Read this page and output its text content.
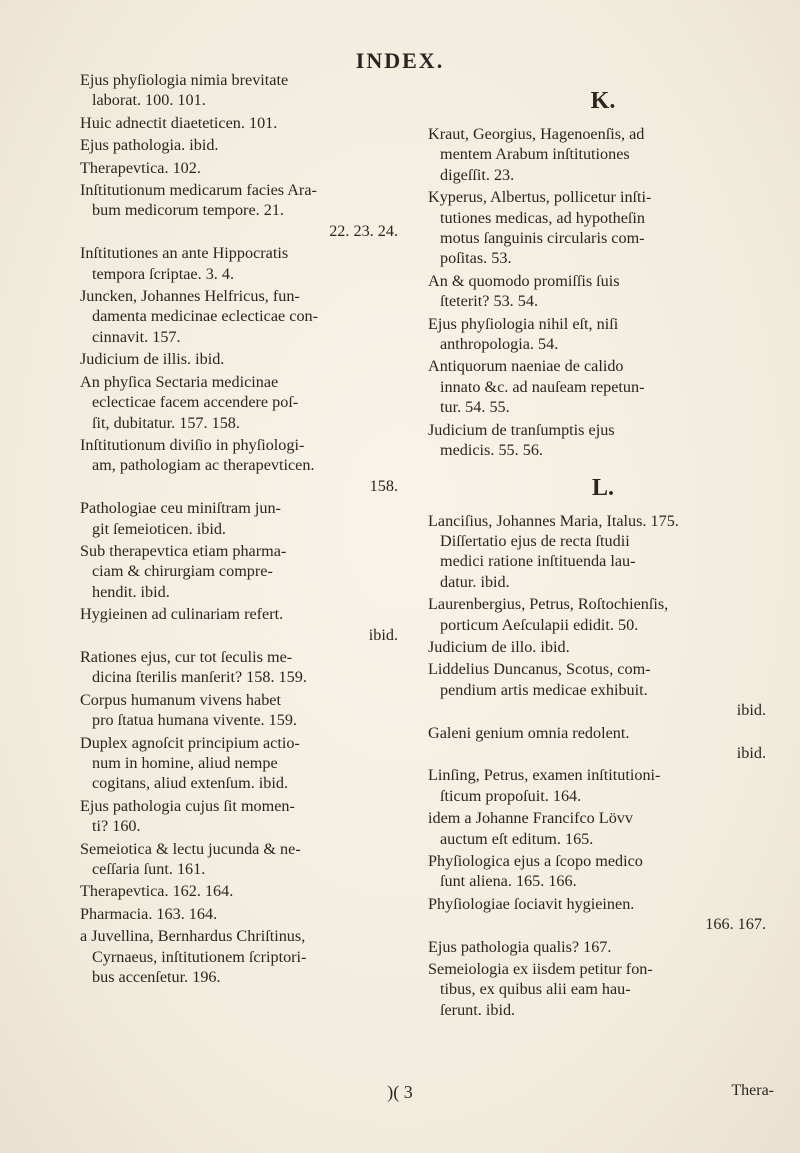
INDEX.
Ejus phyſiologia nimia brevitate
laborat. 100. 101.
Huic adnectit diaeteticen. 101.
Ejus pathologia. ibid.
Therapevtica. 102.
Inſtitutionum medicarum facies Ara-
bum medicorum tempore. 21.
22. 23. 24.
Inſtitutiones an ante Hippocratis
tempora ſcriptae. 3. 4.
Juncken, Johannes Helfricus, fun-
damenta medicinae eclecticae con-
cinnavit. 157.
Judicium de illis. ibid.
An phyſica Sectaria medicinae
eclecticae facem accendere poſ-
ſit, dubitatur. 157. 158.
Inſtitutionum diviſio in phyſiologi-
am, pathologiam ac therapevticen.
158.
Pathologiae ceu miniſtram jun-
git ſemeioticen. ibid.
Sub therapevtica etiam pharma-
ciam & chirurgiam compre-
hendit. ibid.
Hygieinen ad culinariam refert.
ibid.
Rationes ejus, cur tot ſeculis me-
dicina ſterilis manſerit? 158. 159.
Corpus humanum vivens habet
pro ſtatua humana vivente. 159.
Duplex agnoſcit principium actio-
num in homine, aliud nempe
cogitans, aliud extenſum. ibid.
Ejus pathologia cujus ſit momen-
ti? 160.
Semeiotica & lectu jucunda & ne-
ceſſaria ſunt. 161.
Therapevtica. 162. 164.
Pharmacia. 163. 164.
a Juvellina, Bernhardus Chriſtinus,
Cyrnaeus, inſtitutionem ſcriptori-
bus accenſetur. 196.
K.
Kraut, Georgius, Hagenoenſis, ad
mentem Arabum inſtitutiones
digeſſit. 23.
Kyperus, Albertus, pollicetur inſti-
tutiones medicas, ad hypotheſin
motus ſanguinis circularis com-
poſitas. 53.
An & quomodo promiſſis ſuis
ſteterit? 53. 54.
Ejus phyſiologia nihil eſt, niſi
anthropologia. 54.
Antiquorum naeniae de calido
innato &c. ad nauſeam repetun-
tur. 54. 55.
Judicium de tranſumptis ejus
medicis. 55. 56.
L.
Lanciſius, Johannes Maria, Italus. 175.
Diſſertatio ejus de recta ſtudii
medici ratione inſtituenda lau-
datur. ibid.
Laurenbergius, Petrus, Roſtochienſis,
porticum Aeſculapii edidit. 50.
Judicium de illo. ibid.
Liddelius Duncanus, Scotus, com-
pendium artis medicae exhibuit.
ibid.
Galeni genium omnia redolent.
ibid.
Linſing, Petrus, examen inſtitutioni-
ſticum propoſuit. 164.
idem a Johanne Francifco Lövv
auctum eſt editum. 165.
Phyſiologica ejus a ſcopo medico
ſunt aliena. 165. 166.
Phyſiologiae ſociavit hygieinen.
166. 167.
Ejus pathologia qualis? 167.
Semeiologia ex iisdem petitur fon-
tibus, ex quibus alii eam hau-
ſerunt. ibid.
)( 3	Thera-
